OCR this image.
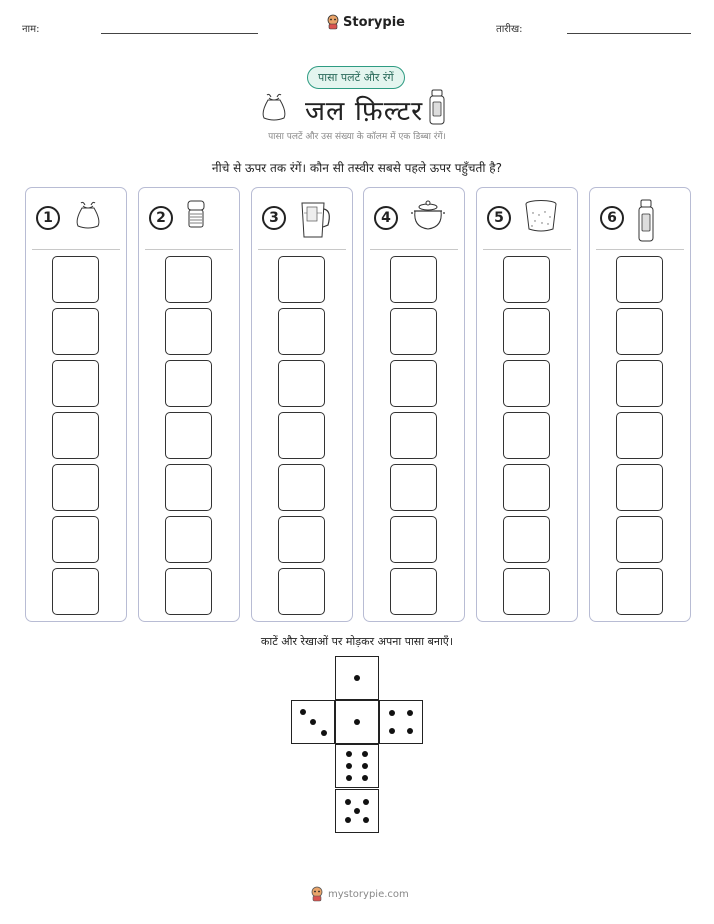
नाम:	Storypie	तारीख:
पासा पलटें और रंगें
जल फ़िल्टर
पासा पलटें और उस संख्या के कॉलम में एक डिब्बा रंगें।
नीचे से ऊपर तक रंगें। कौन सी तस्वीर सबसे पहले ऊपर पहुँचती है?
1	2	3	4	5	6
काटें और रेखाओं पर मोड़कर अपना पासा बनाएँ।
mystorypie.com
